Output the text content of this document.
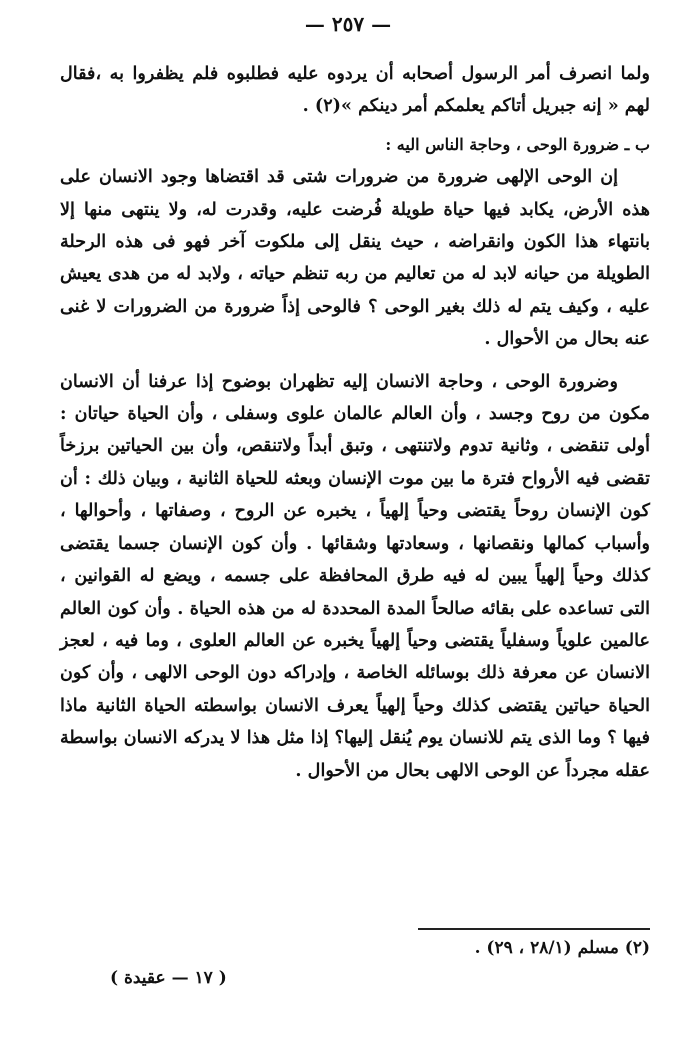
— ٢٥٧ —

ولما انصرف أمر الرسول أصحابه أن يردوه عليه فطلبوه فلم يظفروا به ،فقال لهم « إنه جبريل أتاكم يعلمكم أمر دينكم »(٢) .

ب ـ ضرورة الوحى ، وحاجة الناس اليه :

إن الوحى الإلهى ضرورة من ضرورات شتى قد اقتضاها وجود الانسان على هذه الأرض، يكابد فيها حياة طويلة فُرضت عليه، وقدرت له، ولا ينتهى منها إلا بانتهاء هذا الكون وانقراضه ، حيث ينقل إلى ملكوت آخر فهو فى هذه الرحلة الطويلة من حيانه لابد له من تعاليم من ربه تنظم حياته ، ولابد له من هدى يعيش عليه ، وكيف يتم له ذلك بغير الوحى ؟ فالوحى إذاً ضرورة من الضرورات لا غنى عنه بحال من الأحوال .

وضرورة الوحى ، وحاجة الانسان إليه تظهران بوضوح إذا عرفنا أن الانسان مكون من روح وجسد ، وأن العالم عالمان علوى وسفلى ، وأن الحياة حياتان : أولى تنقضى ، وثانية تدوم ولاتنتهى ، وتبق أبداً ولاتنقص، وأن بين الحياتين برزخاً تقضى فيه الأرواح فترة ما بين موت الإنسان وبعثه للحياة الثانية ، وبيان ذلك : أن كون الإنسان روحاً يقتضى وحياً إلهياً ، يخبره عن الروح ، وصفاتها ، وأحوالها ، وأسباب كمالها ونقصانها ، وسعادتها وشقائها . وأن كون الإنسان جسما يقتضى كذلك وحياً إلهياً يبين له فيه طرق المحافظة على جسمه ، ويضع له القوانين ، التى تساعده على بقائه صالحاً المدة المحددة له من هذه الحياة . وأن كون العالم عالمين علوياً وسفلياً يقتضى وحياً إلهياً يخبره عن العالم العلوى ، وما فيه ، لعجز الانسان عن معرفة ذلك بوسائله الخاصة ، وإدراكه دون الوحى الالهى ، وأن كون الحياة حياتين يقتضى كذلك وحياً إلهياً يعرف الانسان بواسطته الحياة الثانية ماذا فيها ؟ وما الذى يتم للانسان يوم يُنقل إليها؟ إذا مثل هذا لا يدركه الانسان بواسطة عقله مجرداً عن الوحى الالهى بحال من الأحوال .

(٢) مسلم (٢٨/١ ، ٢٩) .
( ١٧ — عقيدة )
